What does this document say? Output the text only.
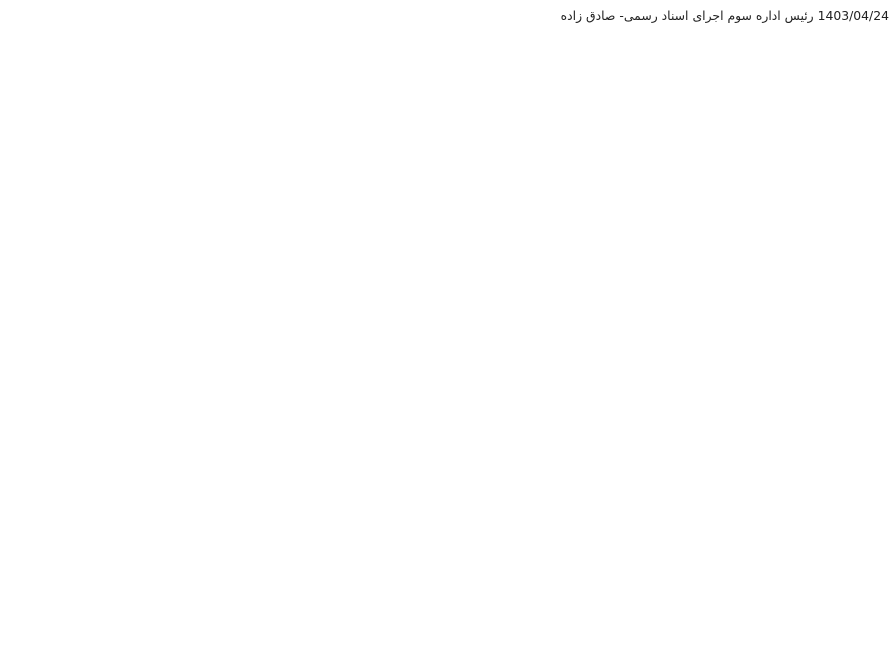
1403/04/24 رئیس اداره سوم اجرای اسناد رسمی- صادق زاده
